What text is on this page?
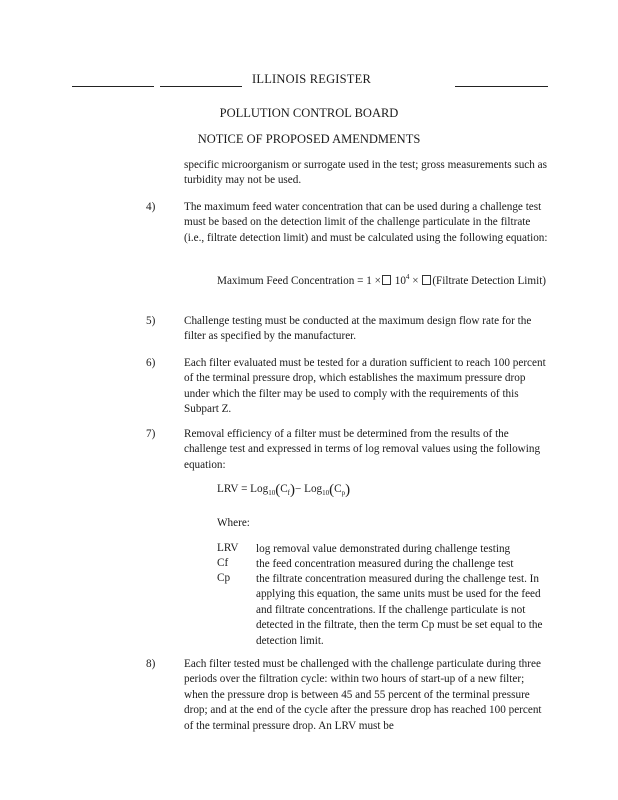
ILLINOIS REGISTER
POLLUTION CONTROL BOARD
NOTICE OF PROPOSED AMENDMENTS
specific microorganism or surrogate used in the test; gross measurements such as turbidity may not be used.
4)	The maximum feed water concentration that can be used during a challenge test must be based on the detection limit of the challenge particulate in the filtrate (i.e., filtrate detection limit) and must be calculated using the following equation:
Maximum Feed Concentration = $1 \times 10^4$ × (Filtrate Detection Limit)
5)	Challenge testing must be conducted at the maximum design flow rate for the filter as specified by the manufacturer.
6)	Each filter evaluated must be tested for a duration sufficient to reach 100 percent of the terminal pressure drop, which establishes the maximum pressure drop under which the filter may be used to comply with the requirements of this Subpart Z.
7)	Removal efficiency of a filter must be determined from the results of the challenge test and expressed in terms of log removal values using the following equation:
LRV = $Log_{10}(C_f)- Log_{10}(C_p)$
Where:
LRV log removal value demonstrated during challenge testing
Cf the feed concentration measured during the challenge test
Cp the filtrate concentration measured during the challenge test. In applying this equation, the same units must be used for the feed and filtrate concentrations. If the challenge particulate is not detected in the filtrate, then the term Cp must be set equal to the detection limit.
8)	Each filter tested must be challenged with the challenge particulate during three periods over the filtration cycle: within two hours of start-up of a new filter; when the pressure drop is between 45 and 55 percent of the terminal pressure drop; and at the end of the cycle after the pressure drop has reached 100 percent of the terminal pressure drop. An LRV must be
